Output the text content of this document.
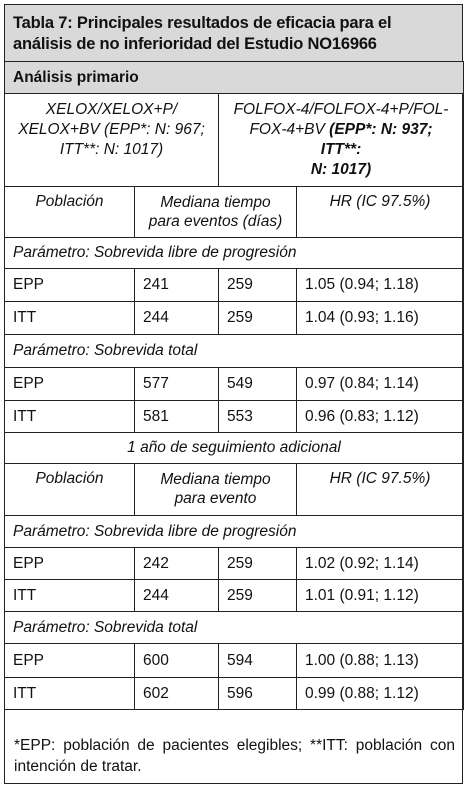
Tabla 7: Principales resultados de eficacia para el análisis de no inferioridad del Estudio NO16966
Análisis primario			
XELOX/XELOX+P/
XELOX+BV (EPP*: N: 967;
ITT**: N: 1017)		FOLFOX-4/FOLFOX-4+P/FOL-
FOX-4+BV (EPP*: N: 937;
ITT**:
N: 1017)	
Población	Mediana tiempo
para eventos (días)		HR (IC 97.5%)
Parámetro: Sobrevida libre de progresión			
EPP	241	259	1.05 (0.94; 1.18)
ITT	244	259	1.04 (0.93; 1.16)
Parámetro: Sobrevida total			
EPP	577	549	0.97 (0.84; 1.14)
ITT	581	553	0.96 (0.83; 1.12)
1 año de seguimiento adicional			
Población	Mediana tiempo
para evento		HR (IC 97.5%)
Parámetro: Sobrevida libre de progresión			
EPP	242	259	1.02 (0.92; 1.14)
ITT	244	259	1.01 (0.91; 1.12)
Parámetro: Sobrevida total			
EPP	600	594	1.00 (0.88; 1.13)
ITT	602	596	0.99 (0.88; 1.12)
*EPP: población de pacientes elegibles; **ITT: población con intención de tratar.
